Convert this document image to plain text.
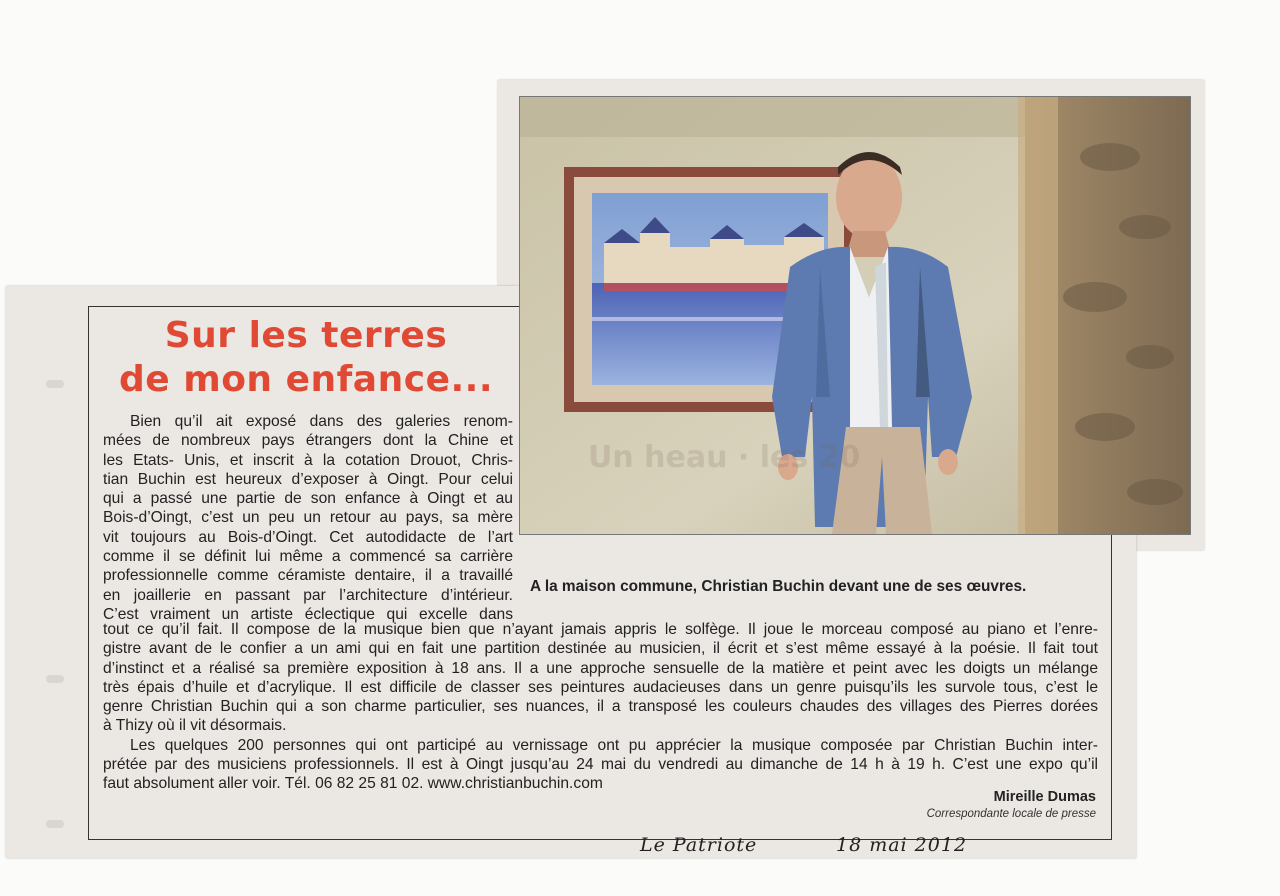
Sur les terres
de mon enfance...
Bien qu’il ait exposé dans des galeries renom-
mées de nombreux pays étrangers dont la Chine et
les Etats- Unis, et inscrit à la cotation Drouot, Chris-
tian Buchin est heureux d’exposer à Oingt. Pour celui
qui a passé une partie de son enfance à Oingt et au
Bois-d’Oingt, c’est un peu un retour au pays, sa mère
vit toujours au Bois-d’Oingt. Cet autodidacte de l’art
comme il se définit lui même a commencé sa carrière
professionnelle comme céramiste dentaire, il a travaillé
en joaillerie en passant par l’architecture d’intérieur.
C’est vraiment un artiste éclectique qui excelle dans
A la maison commune, Christian Buchin devant une de ses œuvres.
tout ce qu’il fait. Il compose de la musique bien que n’ayant jamais appris le solfège. Il joue le morceau composé au piano et l’enre-
gistre avant de le confier a un ami qui en fait une partition destinée au musicien, il écrit et s’est même essayé à la poésie. Il fait tout
d’instinct et a réalisé sa première exposition à 18 ans. Il a une approche sensuelle de la matière et peint avec les doigts un mélange
très épais d’huile et d’acrylique. Il est difficile de classer ses peintures audacieuses dans un genre puisqu’ils les survole tous, c’est le
genre Christian Buchin qui a son charme particulier, ses nuances, il a transposé les couleurs chaudes des villages des Pierres dorées
à Thizy où il vit désormais.
Les quelques 200 personnes qui ont participé au vernissage ont pu apprécier la musique composée par Christian Buchin inter-
prétée par des musiciens professionnels. Il est à Oingt jusqu’au 24 mai du vendredi au dimanche de 14 h à 19 h. C’est une expo qu’il
faut absolument aller voir. Tél. 06 82 25 81 02. www.christianbuchin.com
Mireille Dumas
Correspondante locale de presse
Le Patriote	18 mai 2012
